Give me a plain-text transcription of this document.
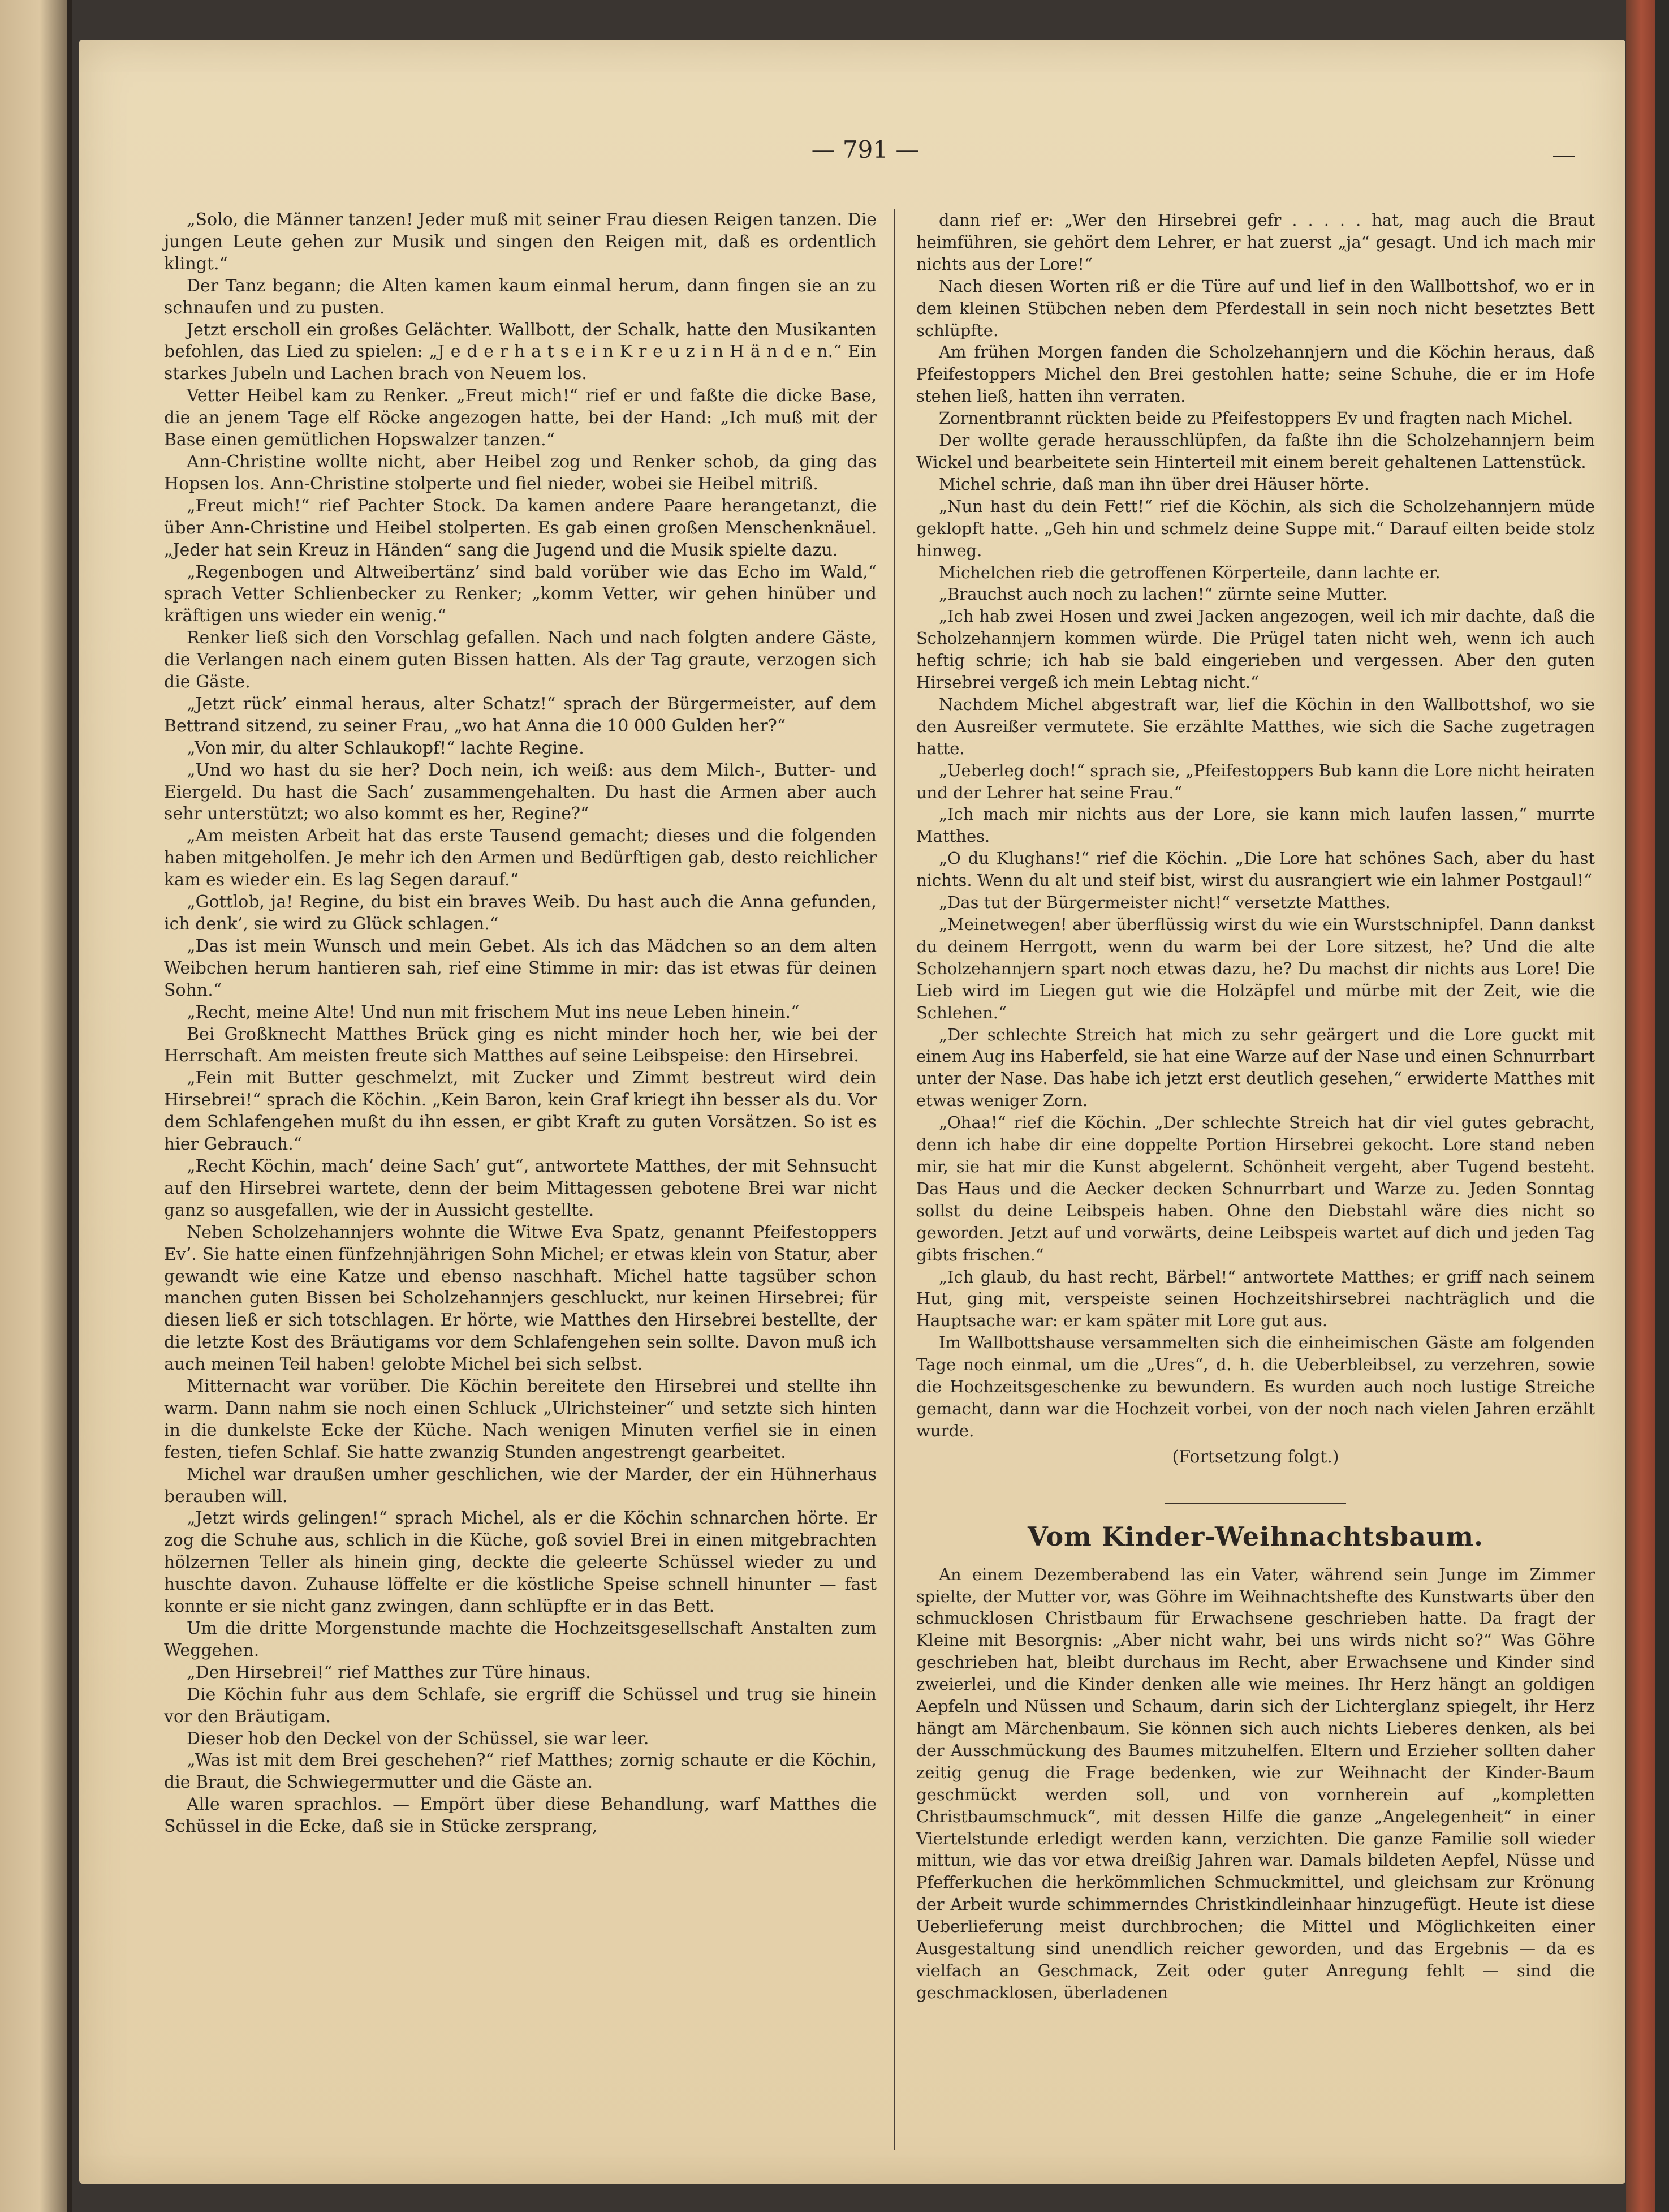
— 791 —

„Solo, die Männer tanzen! Jeder muß mit seiner Frau diesen Reigen tanzen. Die jungen Leute gehen zur Musik und singen den Reigen mit, daß es ordentlich klingt.“

Der Tanz begann; die Alten kamen kaum einmal herum, dann fingen sie an zu schnaufen und zu pusten.

Jetzt erscholl ein großes Gelächter. Wallbott, der Schalk, hatte den Musikanten befohlen, das Lied zu spielen: „J e d e r h a t s e i n K r e u z i n H ä n d e n.“ Ein starkes Jubeln und Lachen brach von Neuem los.

Vetter Heibel kam zu Renker. „Freut mich!“ rief er und faßte die dicke Base, die an jenem Tage elf Röcke angezogen hatte, bei der Hand: „Ich muß mit der Base einen gemütlichen Hopswalzer tanzen.“

Ann-Christine wollte nicht, aber Heibel zog und Renker schob, da ging das Hopsen los. Ann-Christine stolperte und fiel nieder, wobei sie Heibel mitriß.

„Freut mich!“ rief Pachter Stock. Da kamen andere Paare herangetanzt, die über Ann-Christine und Heibel stolperten. Es gab einen großen Menschenknäuel. „Jeder hat sein Kreuz in Händen“ sang die Jugend und die Musik spielte dazu.

„Regenbogen und Altweibertänz’ sind bald vorüber wie das Echo im Wald,“ sprach Vetter Schlienbecker zu Renker; „komm Vetter, wir gehen hinüber und kräftigen uns wieder ein wenig.“

Renker ließ sich den Vorschlag gefallen. Nach und nach folgten andere Gäste, die Verlangen nach einem guten Bissen hatten. Als der Tag graute, verzogen sich die Gäste.

„Jetzt rück’ einmal heraus, alter Schatz!“ sprach der Bürgermeister, auf dem Bettrand sitzend, zu seiner Frau, „wo hat Anna die 10 000 Gulden her?“

„Von mir, du alter Schlaukopf!“ lachte Regine.

„Und wo hast du sie her? Doch nein, ich weiß: aus dem Milch-, Butter- und Eiergeld. Du hast die Sach’ zusammengehalten. Du hast die Armen aber auch sehr unterstützt; wo also kommt es her, Regine?“

„Am meisten Arbeit hat das erste Tausend gemacht; dieses und die folgenden haben mitgeholfen. Je mehr ich den Armen und Bedürftigen gab, desto reichlicher kam es wieder ein. Es lag Segen darauf.“

„Gottlob, ja! Regine, du bist ein braves Weib. Du hast auch die Anna gefunden, ich denk’, sie wird zu Glück schlagen.“

„Das ist mein Wunsch und mein Gebet. Als ich das Mädchen so an dem alten Weibchen herum hantieren sah, rief eine Stimme in mir: das ist etwas für deinen Sohn.“

„Recht, meine Alte! Und nun mit frischem Mut ins neue Leben hinein.“

Bei Großknecht Matthes Brück ging es nicht minder hoch her, wie bei der Herrschaft. Am meisten freute sich Matthes auf seine Leibspeise: den Hirsebrei.

„Fein mit Butter geschmelzt, mit Zucker und Zimmt bestreut wird dein Hirsebrei!“ sprach die Köchin. „Kein Baron, kein Graf kriegt ihn besser als du. Vor dem Schlafengehen mußt du ihn essen, er gibt Kraft zu guten Vorsätzen. So ist es hier Gebrauch.“

„Recht Köchin, mach’ deine Sach’ gut“, antwortete Matthes, der mit Sehnsucht auf den Hirsebrei wartete, denn der beim Mittagessen gebotene Brei war nicht ganz so ausgefallen, wie der in Aussicht gestellte.

Neben Scholzehannjers wohnte die Witwe Eva Spatz, genannt Pfeifestoppers Ev’. Sie hatte einen fünfzehnjährigen Sohn Michel; er etwas klein von Statur, aber gewandt wie eine Katze und ebenso naschhaft. Michel hatte tagsüber schon manchen guten Bissen bei Scholzehannjers geschluckt, nur keinen Hirsebrei; für diesen ließ er sich totschlagen. Er hörte, wie Matthes den Hirsebrei bestellte, der die letzte Kost des Bräutigams vor dem Schlafengehen sein sollte. Davon muß ich auch meinen Teil haben! gelobte Michel bei sich selbst.

Mitternacht war vorüber. Die Köchin bereitete den Hirsebrei und stellte ihn warm. Dann nahm sie noch einen Schluck „Ulrichsteiner“ und setzte sich hinten in die dunkelste Ecke der Küche. Nach wenigen Minuten verfiel sie in einen festen, tiefen Schlaf. Sie hatte zwanzig Stunden angestrengt gearbeitet.

Michel war draußen umher geschlichen, wie der Marder, der ein Hühnerhaus berauben will.

„Jetzt wirds gelingen!“ sprach Michel, als er die Köchin schnarchen hörte. Er zog die Schuhe aus, schlich in die Küche, goß soviel Brei in einen mitgebrachten hölzernen Teller als hinein ging, deckte die geleerte Schüssel wieder zu und huschte davon. Zuhause löffelte er die köstliche Speise schnell hinunter — fast konnte er sie nicht ganz zwingen, dann schlüpfte er in das Bett.

Um die dritte Morgenstunde machte die Hochzeitsgesellschaft Anstalten zum Weggehen.

„Den Hirsebrei!“ rief Matthes zur Türe hinaus.

Die Köchin fuhr aus dem Schlafe, sie ergriff die Schüssel und trug sie hinein vor den Bräutigam.

Dieser hob den Deckel von der Schüssel, sie war leer.

„Was ist mit dem Brei geschehen?“ rief Matthes; zornig schaute er die Köchin, die Braut, die Schwiegermutter und die Gäste an.

Alle waren sprachlos. — Empört über diese Behandlung, warf Matthes die Schüssel in die Ecke, daß sie in Stücke zersprang,

dann rief er: „Wer den Hirsebrei gefr . . . . . hat, mag auch die Braut heimführen, sie gehört dem Lehrer, er hat zuerst „ja“ gesagt. Und ich mach mir nichts aus der Lore!“

Nach diesen Worten riß er die Türe auf und lief in den Wallbottshof, wo er in dem kleinen Stübchen neben dem Pferdestall in sein noch nicht besetztes Bett schlüpfte.

Am frühen Morgen fanden die Scholzehannjern und die Köchin heraus, daß Pfeifestoppers Michel den Brei gestohlen hatte; seine Schuhe, die er im Hofe stehen ließ, hatten ihn verraten.

Zornentbrannt rückten beide zu Pfeifestoppers Ev und fragten nach Michel.

Der wollte gerade herausschlüpfen, da faßte ihn die Scholzehannjern beim Wickel und bearbeitete sein Hinterteil mit einem bereit gehaltenen Lattenstück.

Michel schrie, daß man ihn über drei Häuser hörte.

„Nun hast du dein Fett!“ rief die Köchin, als sich die Scholzehannjern müde geklopft hatte. „Geh hin und schmelz deine Suppe mit.“ Darauf eilten beide stolz hinweg.

Michelchen rieb die getroffenen Körperteile, dann lachte er.

„Brauchst auch noch zu lachen!“ zürnte seine Mutter.

„Ich hab zwei Hosen und zwei Jacken angezogen, weil ich mir dachte, daß die Scholzehannjern kommen würde. Die Prügel taten nicht weh, wenn ich auch heftig schrie; ich hab sie bald eingerieben und vergessen. Aber den guten Hirsebrei vergeß ich mein Lebtag nicht.“

Nachdem Michel abgestraft war, lief die Köchin in den Wallbottshof, wo sie den Ausreißer vermutete. Sie erzählte Matthes, wie sich die Sache zugetragen hatte.

„Ueberleg doch!“ sprach sie, „Pfeifestoppers Bub kann die Lore nicht heiraten und der Lehrer hat seine Frau.“

„Ich mach mir nichts aus der Lore, sie kann mich laufen lassen,“ murrte Matthes.

„O du Klughans!“ rief die Köchin. „Die Lore hat schönes Sach, aber du hast nichts. Wenn du alt und steif bist, wirst du ausrangiert wie ein lahmer Postgaul!“

„Das tut der Bürgermeister nicht!“ versetzte Matthes.

„Meinetwegen! aber überflüssig wirst du wie ein Wurstschnipfel. Dann dankst du deinem Herrgott, wenn du warm bei der Lore sitzest, he? Und die alte Scholzehannjern spart noch etwas dazu, he? Du machst dir nichts aus Lore! Die Lieb wird im Liegen gut wie die Holzäpfel und mürbe mit der Zeit, wie die Schlehen.“

„Der schlechte Streich hat mich zu sehr geärgert und die Lore guckt mit einem Aug ins Haberfeld, sie hat eine Warze auf der Nase und einen Schnurrbart unter der Nase. Das habe ich jetzt erst deutlich gesehen,“ erwiderte Matthes mit etwas weniger Zorn.

„Ohaa!“ rief die Köchin. „Der schlechte Streich hat dir viel gutes gebracht, denn ich habe dir eine doppelte Portion Hirsebrei gekocht. Lore stand neben mir, sie hat mir die Kunst abgelernt. Schönheit vergeht, aber Tugend besteht. Das Haus und die Aecker decken Schnurrbart und Warze zu. Jeden Sonntag sollst du deine Leibspeis haben. Ohne den Diebstahl wäre dies nicht so geworden. Jetzt auf und vorwärts, deine Leibspeis wartet auf dich und jeden Tag gibts frischen.“

„Ich glaub, du hast recht, Bärbel!“ antwortete Matthes; er griff nach seinem Hut, ging mit, verspeiste seinen Hochzeitshirsebrei nachträglich und die Hauptsache war: er kam später mit Lore gut aus.

Im Wallbottshause versammelten sich die einheimischen Gäste am folgenden Tage noch einmal, um die „Ures“, d. h. die Ueberbleibsel, zu verzehren, sowie die Hochzeitsgeschenke zu bewundern. Es wurden auch noch lustige Streiche gemacht, dann war die Hochzeit vorbei, von der noch nach vielen Jahren erzählt wurde.

(Fortsetzung folgt.)

Vom Kinder-Weihnachtsbaum.

An einem Dezemberabend las ein Vater, während sein Junge im Zimmer spielte, der Mutter vor, was Göhre im Weihnachtshefte des Kunstwarts über den schmucklosen Christbaum für Erwachsene geschrieben hatte. Da fragt der Kleine mit Besorgnis: „Aber nicht wahr, bei uns wirds nicht so?“ Was Göhre geschrieben hat, bleibt durchaus im Recht, aber Erwachsene und Kinder sind zweierlei, und die Kinder denken alle wie meines. Ihr Herz hängt an goldigen Aepfeln und Nüssen und Schaum, darin sich der Lichterglanz spiegelt, ihr Herz hängt am Märchenbaum. Sie können sich auch nichts Lieberes denken, als bei der Ausschmückung des Baumes mitzuhelfen. Eltern und Erzieher sollten daher zeitig genug die Frage bedenken, wie zur Weihnacht der Kinder-Baum geschmückt werden soll, und von vornherein auf „kompletten Christbaumschmuck“, mit dessen Hilfe die ganze „Angelegenheit“ in einer Viertelstunde erledigt werden kann, verzichten. Die ganze Familie soll wieder mittun, wie das vor etwa dreißig Jahren war. Damals bildeten Aepfel, Nüsse und Pfefferkuchen die herkömmlichen Schmuckmittel, und gleichsam zur Krönung der Arbeit wurde schimmerndes Christkindleinhaar hinzugefügt. Heute ist diese Ueberlieferung meist durchbrochen; die Mittel und Möglichkeiten einer Ausgestaltung sind unendlich reicher geworden, und das Ergebnis — da es vielfach an Geschmack, Zeit oder guter Anregung fehlt — sind die geschmacklosen, überladenen
